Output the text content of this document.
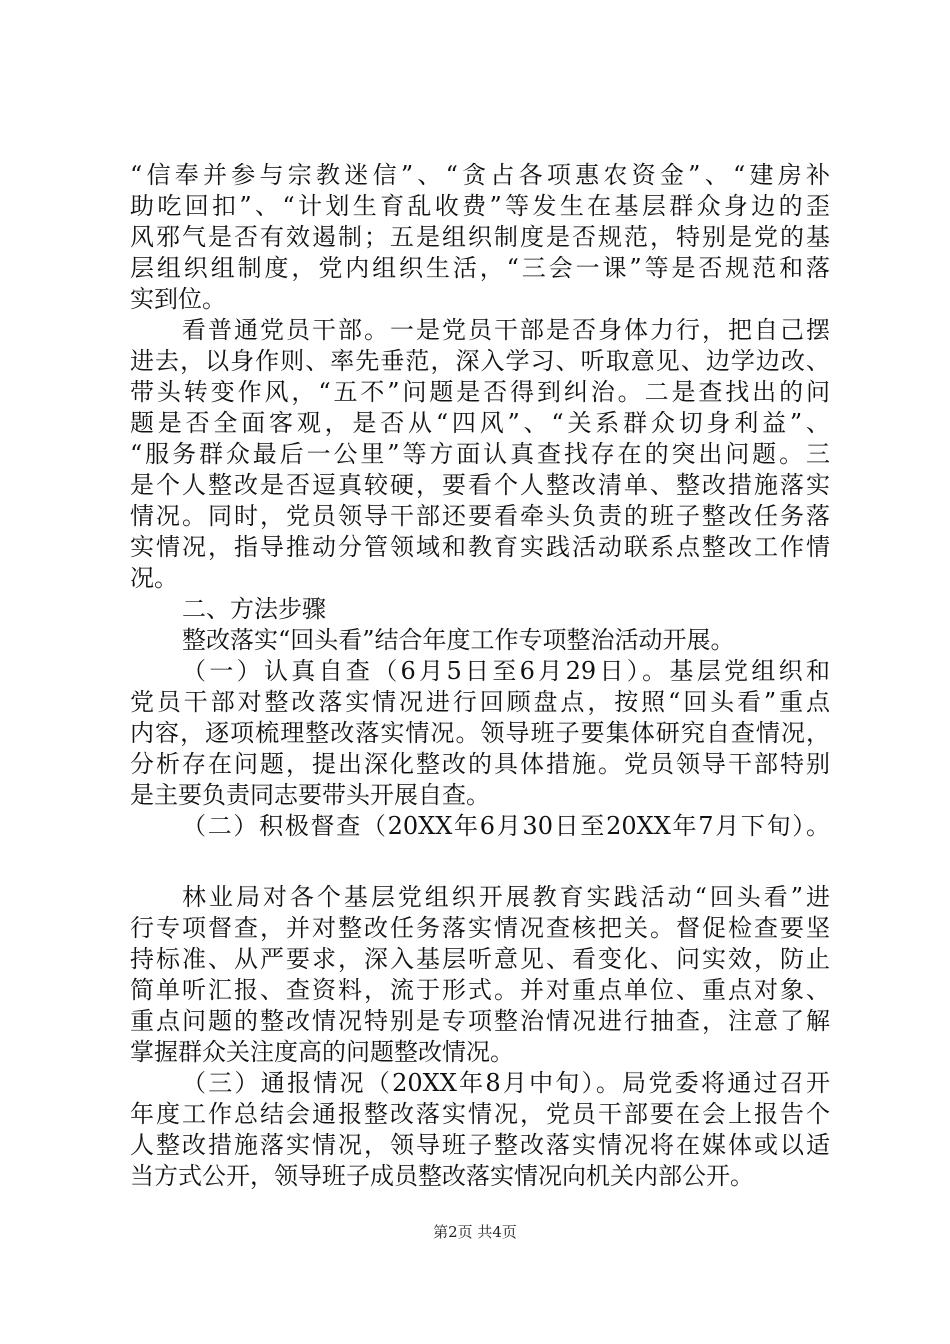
“信奉并参与宗教迷信”、“贪占各项惠农资金”、“建房补
助吃回扣”、“计划生育乱收费”等发生在基层群众身边的歪
风邪气是否有效遏制；五是组织制度是否规范，特别是党的基
层组织组制度，党内组织生活，“三会一课”等是否规范和落
实到位。
看普通党员干部。一是党员干部是否身体力行，把自己摆
进去，以身作则、率先垂范，深入学习、听取意见、边学边改、
带头转变作风，“五不”问题是否得到纠治。二是查找出的问
题是否全面客观，是否从“四风”、“关系群众切身利益”、
“服务群众最后一公里”等方面认真查找存在的突出问题。三
是个人整改是否逗真较硬，要看个人整改清单、整改措施落实
情况。同时，党员领导干部还要看牵头负责的班子整改任务落
实情况，指导推动分管领域和教育实践活动联系点整改工作情
况。
二、方法步骤
整改落实“回头看”结合年度工作专项整治活动开展。
（一）认真自查（6月5日至6月29日）。基层党组织和
党员干部对整改落实情况进行回顾盘点，按照“回头看”重点
内容，逐项梳理整改落实情况。领导班子要集体研究自查情况，
分析存在问题，提出深化整改的具体措施。党员领导干部特别
是主要负责同志要带头开展自查。
（二）积极督查（20XX年6月30日至20XX年7月下旬）。
林业局对各个基层党组织开展教育实践活动“回头看”进
行专项督查，并对整改任务落实情况查核把关。督促检查要坚
持标准、从严要求，深入基层听意见、看变化、问实效，防止
简单听汇报、查资料，流于形式。并对重点单位、重点对象、
重点问题的整改情况特别是专项整治情况进行抽查，注意了解
掌握群众关注度高的问题整改情况。
（三）通报情况（20XX年8月中旬）。局党委将通过召开
年度工作总结会通报整改落实情况，党员干部要在会上报告个
人整改措施落实情况，领导班子整改落实情况将在媒体或以适
当方式公开，领导班子成员整改落实情况向机关内部公开。
第2页 共4页
